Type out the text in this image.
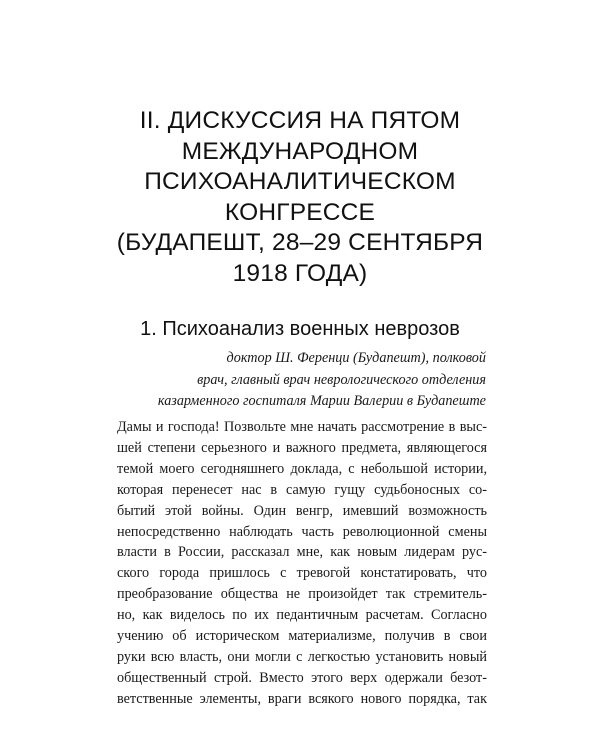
II. ДИСКУССИЯ НА ПЯТОМ
МЕЖДУНАРОДНОМ
ПСИХОАНАЛИТИЧЕСКОМ
КОНГРЕССЕ
(БУДАПЕШТ, 28–29 СЕНТЯБРЯ
1918 ГОДА)
1. Психоанализ военных неврозов
доктор Ш. Ференци (Будапешт), полковой
врач, главный врач неврологического отделения
казарменного госпиталя Марии Валерии в Будапеште
Дамы и господа! Позвольте мне начать рассмотрение в выс-
шей степени серьезного и важного предмета, являющегося
темой моего сегодняшнего доклада, с небольшой истории,
которая перенесет нас в самую гущу судьбоносных со-
бытий этой войны. Один венгр, имевший возможность
непосредственно наблюдать часть революционной смены
власти в России, рассказал мне, как новым лидерам рус-
ского города пришлось с тревогой констатировать, что
преобразование общества не произойдет так стремитель-
но, как виделось по их педантичным расчетам. Согласно
учению об историческом материализме, получив в свои
руки всю власть, они могли с легкостью установить новый
общественный строй. Вместо этого верх одержали безот-
ветственные элементы, враги всякого нового порядка, так
